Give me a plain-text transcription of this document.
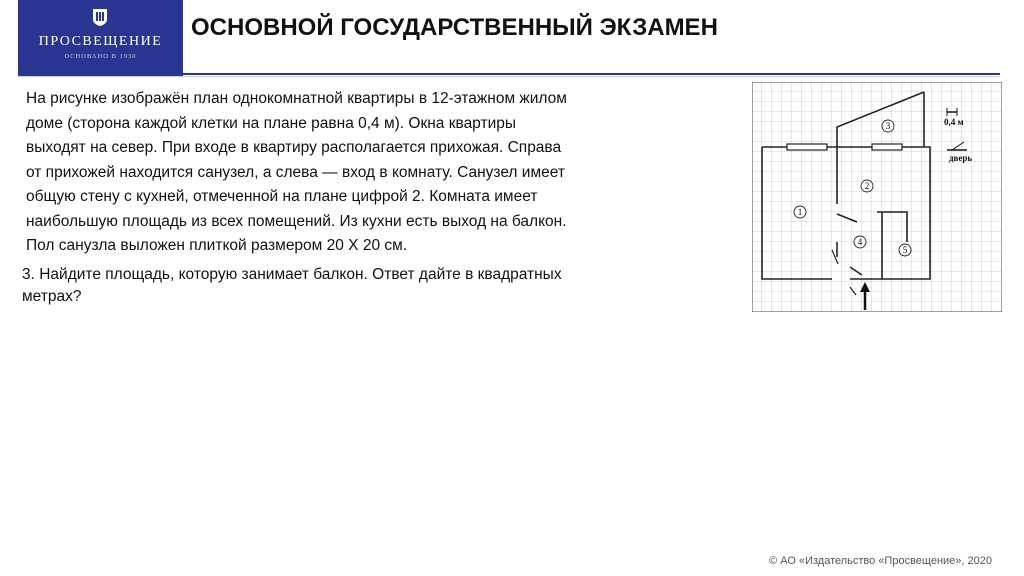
ПРОСВЕЩЕНИЕ
ОСНОВАНО В 1930
ОСНОВНОЙ ГОСУДАРСТВЕННЫЙ ЭКЗАМЕН
На рисунке изображён план однокомнатной квартиры в 12-этажном жилом
доме (сторона каждой клетки на плане равна 0,4 м). Окна квартиры
выходят на север. При входе в квартиру располагается прихожая. Справа
от прихожей находится санузел, а слева — вход в комнату. Санузел имеет
общую стену с кухней, отмеченной на плане цифрой 2. Комната имеет
наибольшую площадь из всех помещений. Из кухни есть выход на балкон.
Пол санузла выложен плиткой размером 20 Х 20 см.
3. Найдите площадь, которую занимает балкон. Ответ дайте в квадратных
метрах?
1
2
3
4
5
0,4 м
дверь
© АО «Издательство «Просвещение», 2020
